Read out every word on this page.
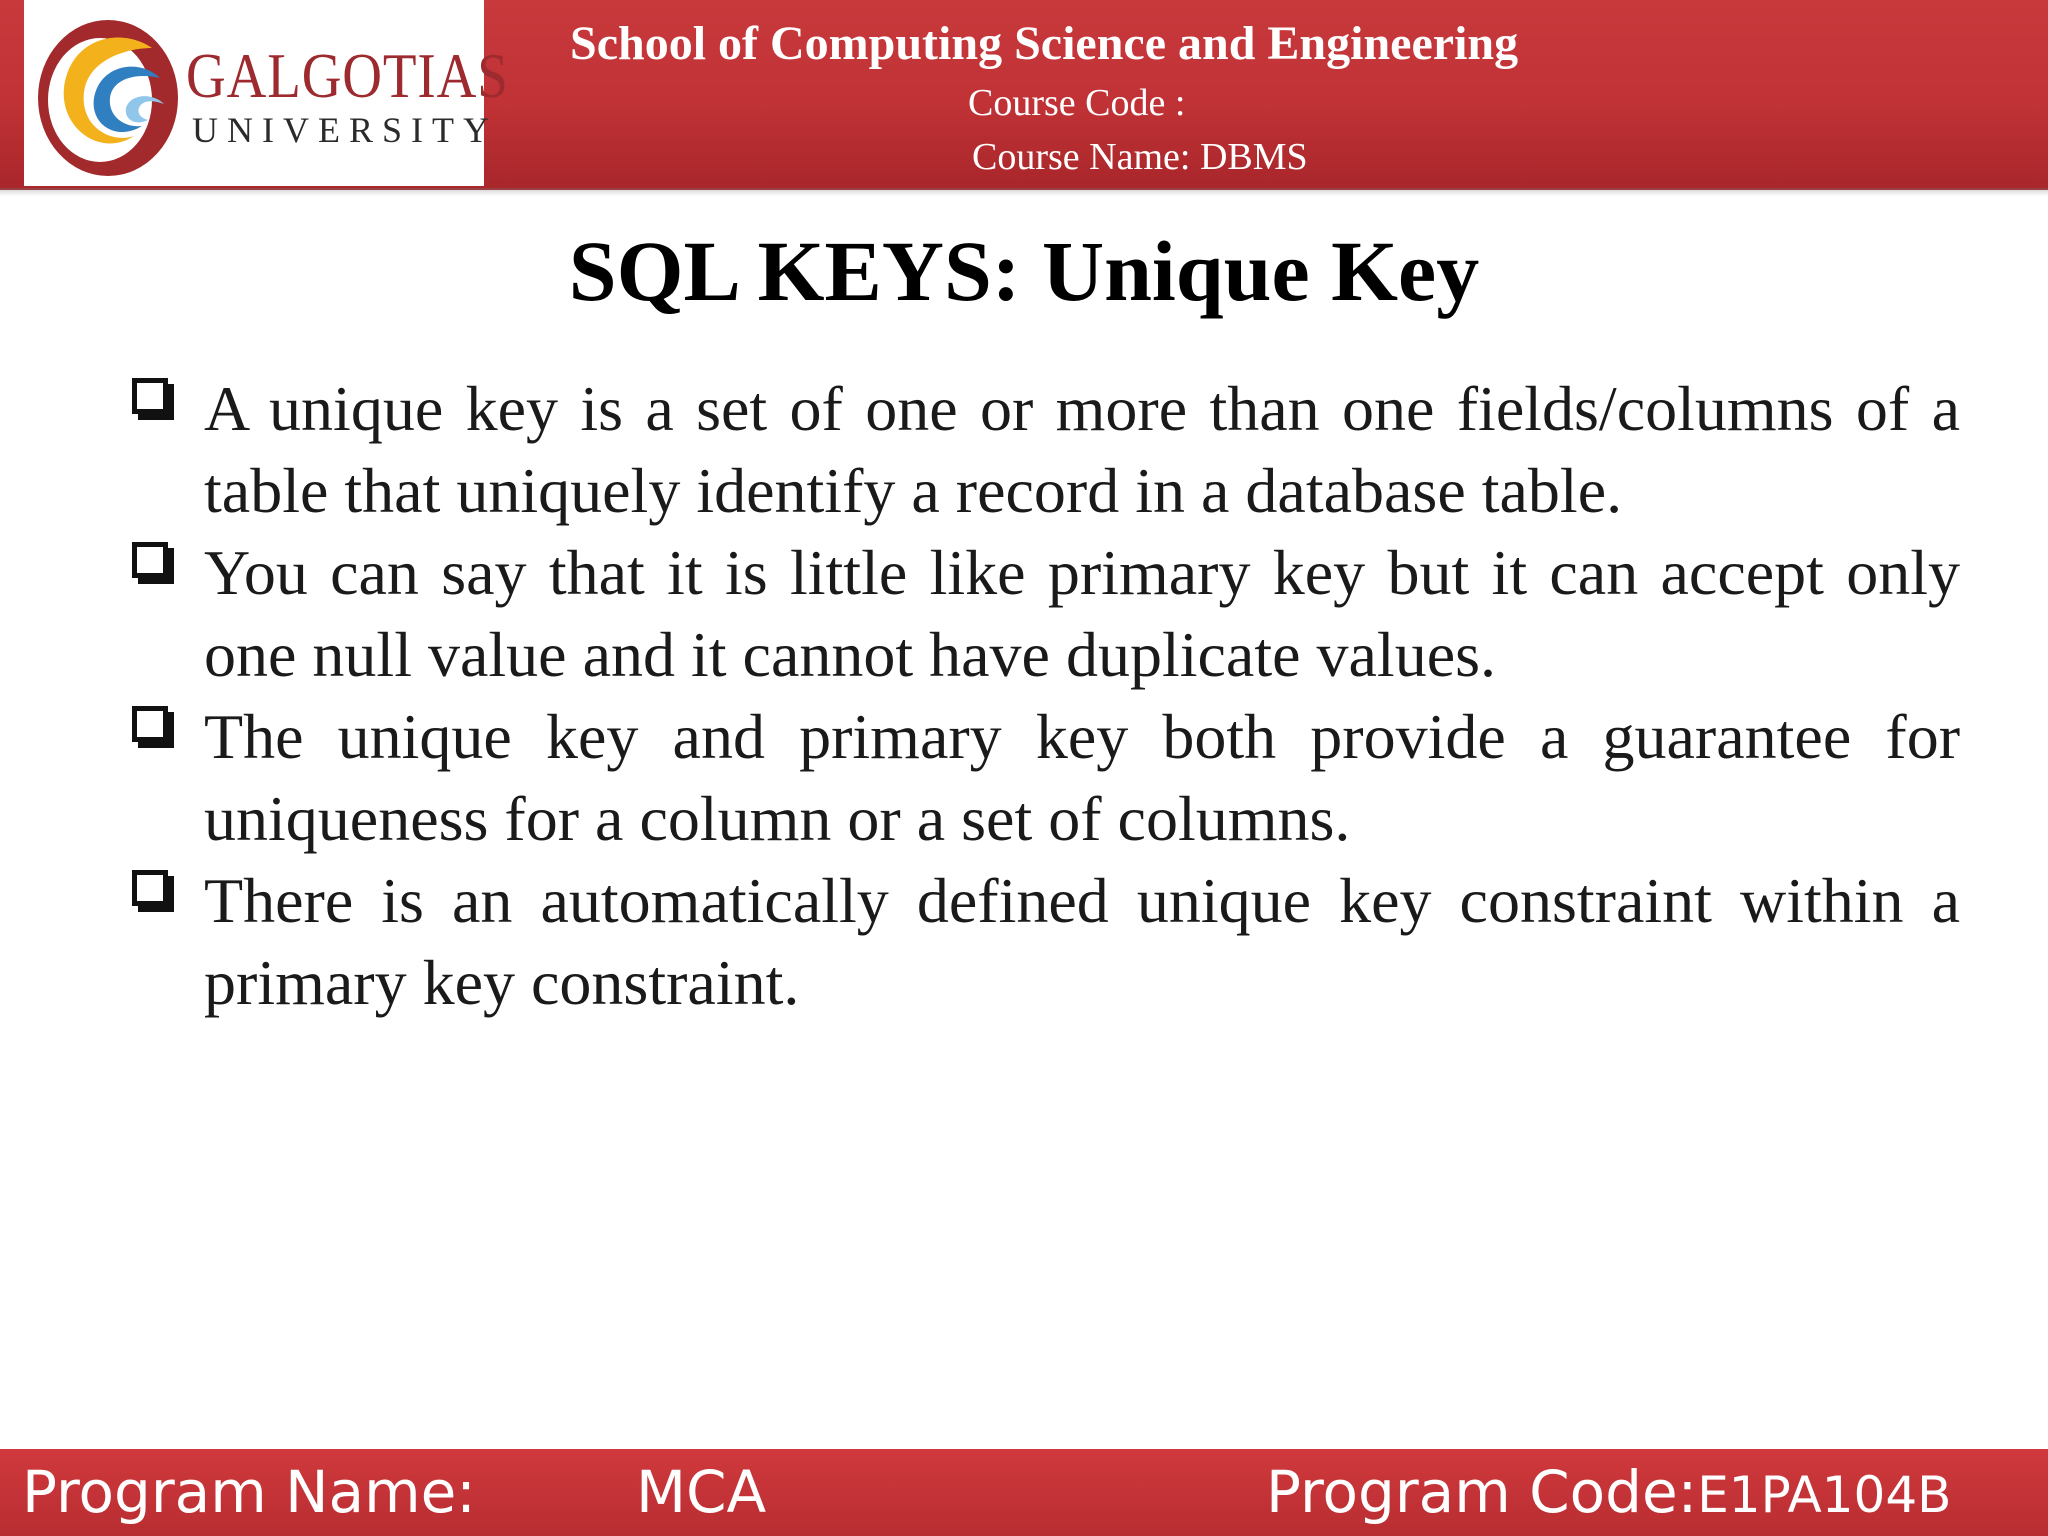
GALGOTIAS
UNIVERSITY
School of Computing Science and Engineering
Course Code :
Course Name: DBMS
SQL KEYS: Unique Key
A unique key is a set of one or more than one fields/columns of a table that uniquely identify a record in a database table.
You can say that it is little like primary key but it can accept only one null value and it cannot have duplicate values.
The unique key and primary key both provide a guarantee for uniqueness for a column or a set of columns.
There is an automatically defined unique key constraint within a primary key constraint.
Program Name:	MCA	Program Code:E1PA104B
